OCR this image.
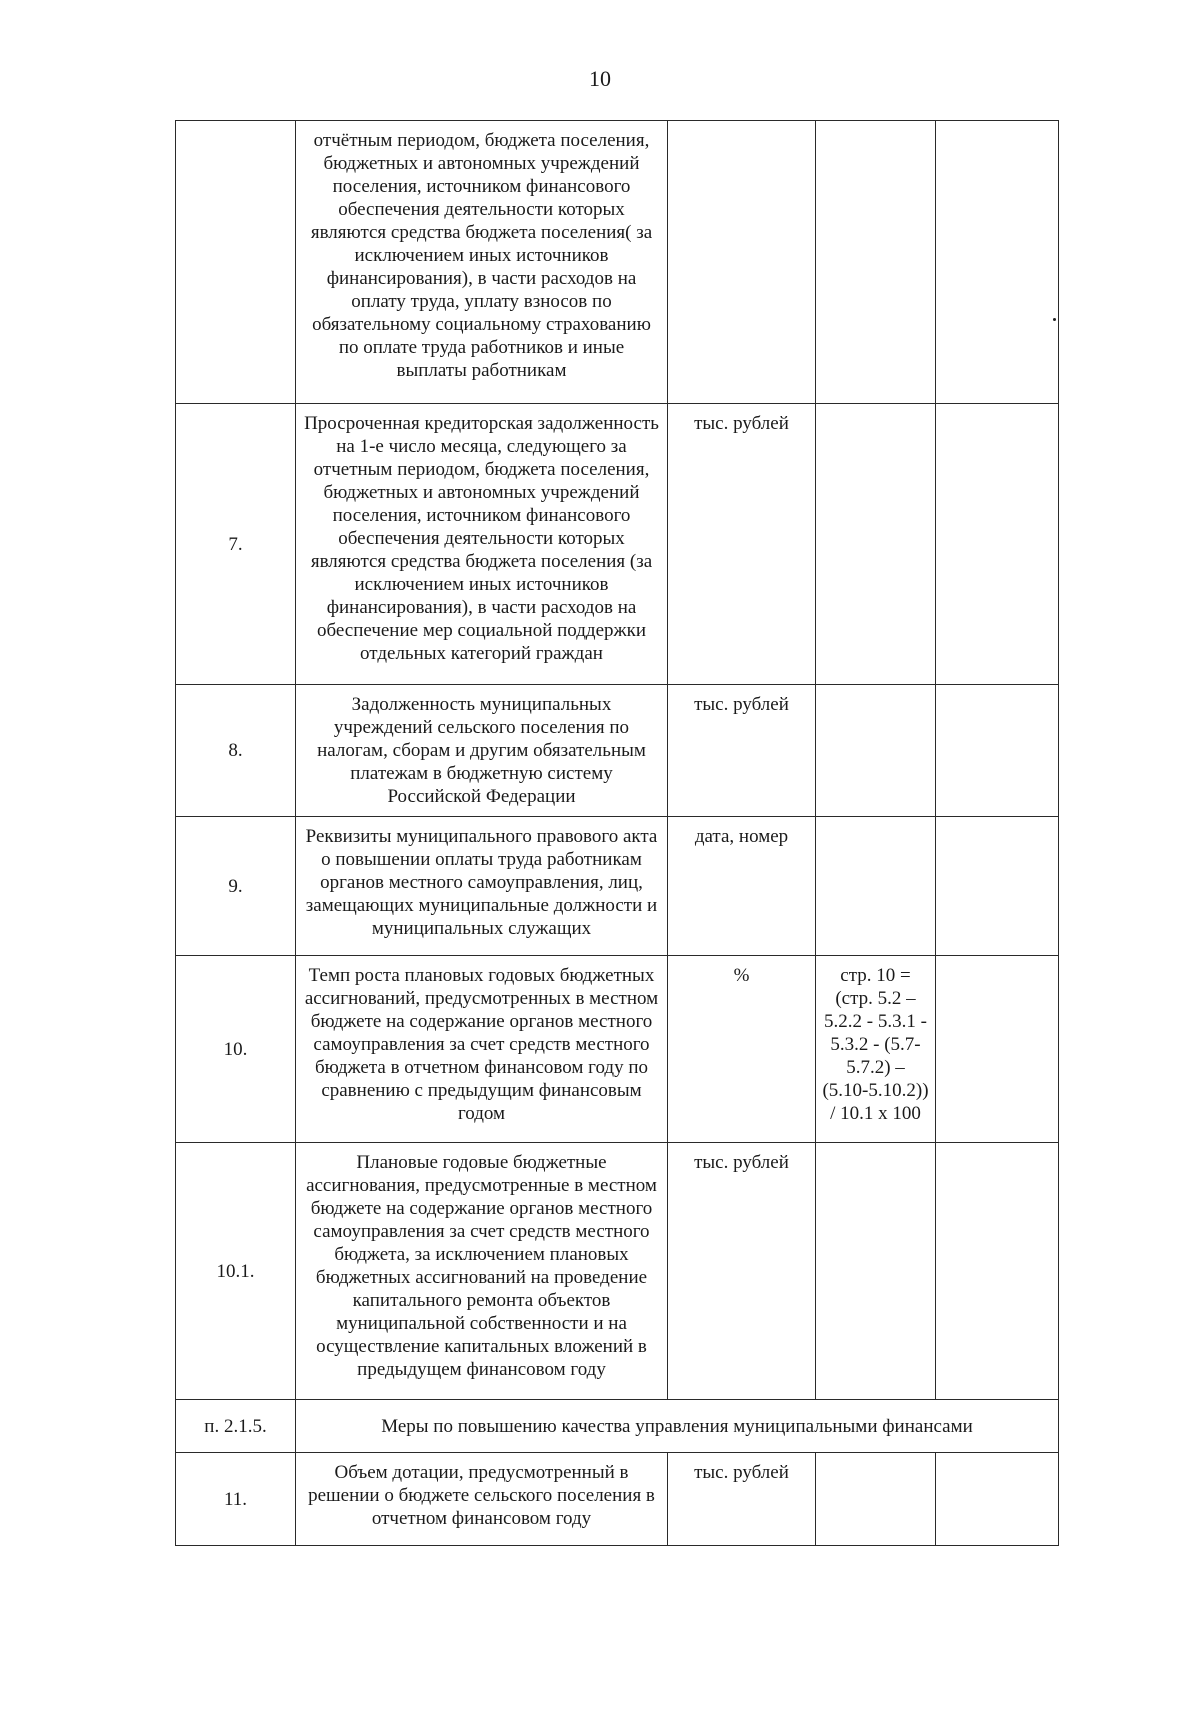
10
	отчётным периодом, бюджета поселения, бюджетных и автономных учреждений поселения, источником финансового обеспечения деятельности которых являются средства бюджета поселения( за исключением иных источников финансирования), в части расходов на оплату труда, уплату взносов по обязательному социальному страхованию по оплате труда работников и иные выплаты работникам			
7.	Просроченная кредиторская задолженность на 1-е число месяца, следующего за отчетным периодом, бюджета поселения, бюджетных и автономных учреждений поселения, источником финансового обеспечения деятельности которых являются средства бюджета поселения (за исключением иных источников финансирования), в части расходов на обеспечение мер социальной поддержки отдельных категорий граждан	тыс. рублей		
8.	Задолженность муниципальных учреждений сельского поселения по налогам, сборам и другим обязательным платежам в бюджетную систему Российской Федерации	тыс. рублей		
9.	Реквизиты муниципального правового акта о повышении оплаты труда работникам органов местного самоуправления, лиц, замещающих муниципальные должности и муниципальных служащих	дата, номер		
10.	Темп роста плановых годовых бюджетных ассигнований, предусмотренных в местном бюджете на содержание органов местного самоуправления за счет средств местного бюджета в отчетном финансовом году по сравнению с предыдущим финансовым годом	%	стр. 10 = (стр. 5.2 – 5.2.2 - 5.3.1 - 5.3.2 - (5.7-5.7.2) – (5.10-5.10.2)) / 10.1 х 100	
10.1.	Плановые годовые бюджетные ассигнования, предусмотренные в местном бюджете на содержание органов местного самоуправления за счет средств местного бюджета, за исключением плановых бюджетных ассигнований на проведение капитального ремонта объектов муниципальной собственности и на осуществление капитальных вложений в предыдущем финансовом году	тыс. рублей		
п. 2.1.5.	Меры по повышению качества управления муниципальными финансами			
11.	Объем дотации, предусмотренный в решении о бюджете сельского поселения в отчетном финансовом году	тыс. рублей		
